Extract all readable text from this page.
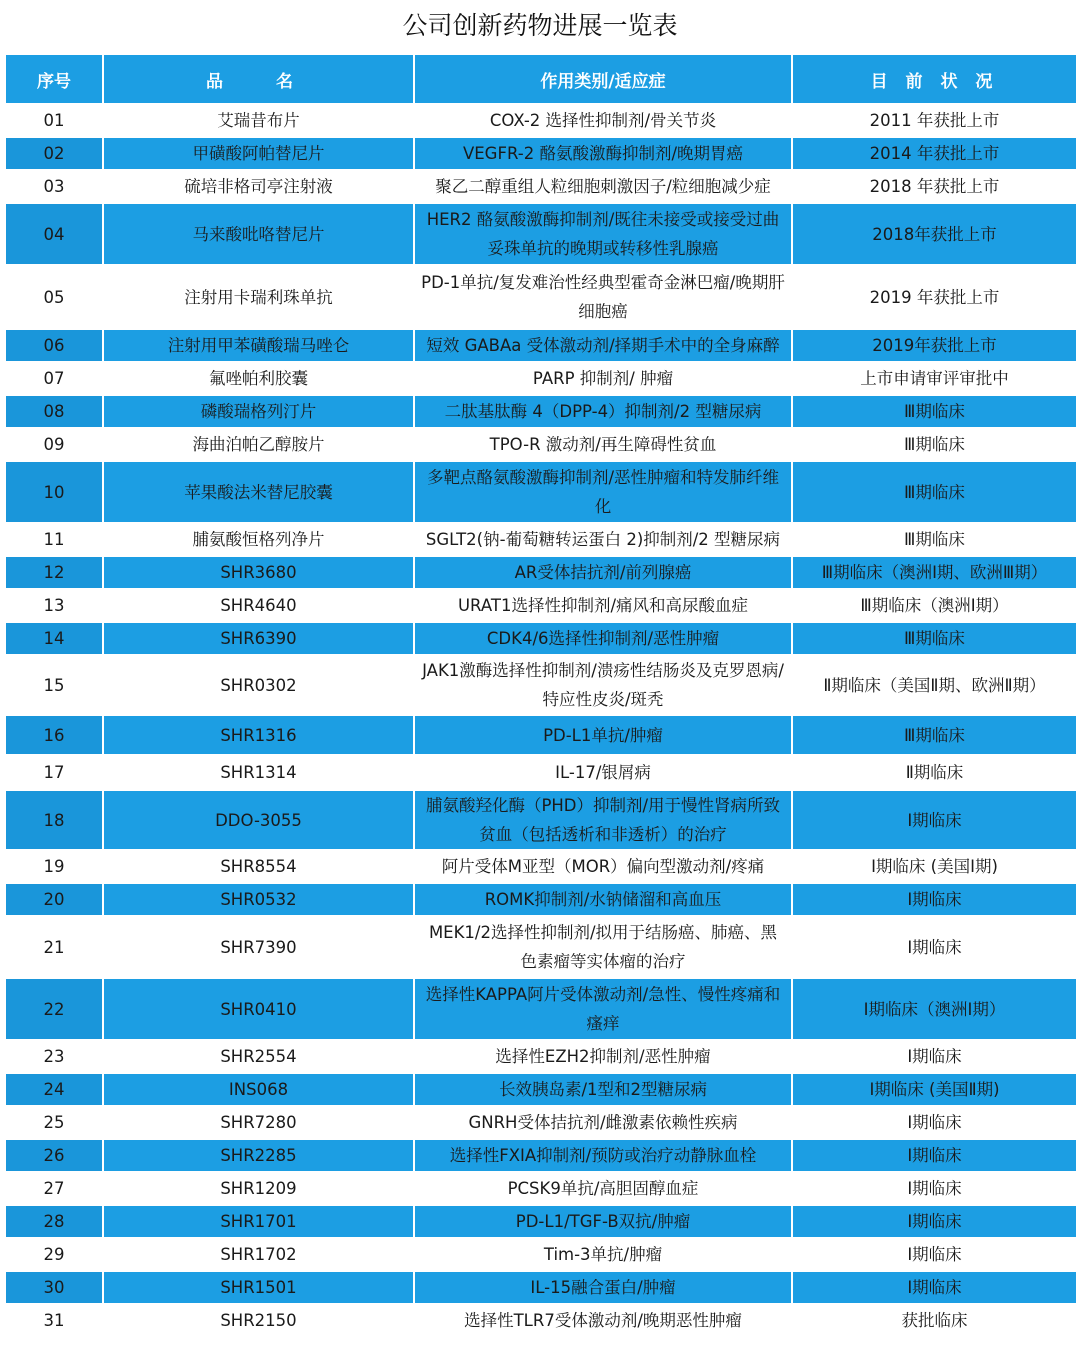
公司创新药物进展一览表
序号	品　名	作用类别/适应症	目 前 状 况
01	艾瑞昔布片	COX-2 选择性抑制剂/骨关节炎	2011 年获批上市
02	甲磺酸阿帕替尼片	VEGFR-2 酪氨酸激酶抑制剂/晚期胃癌	2014 年获批上市
03	硫培非格司亭注射液	聚乙二醇重组人粒细胞刺激因子/粒细胞减少症	2018 年获批上市
04	马来酸吡咯替尼片	HER2 酪氨酸激酶抑制剂/既往未接受或接受过曲妥珠单抗的晚期或转移性乳腺癌	2018年获批上市
05	注射用卡瑞利珠单抗	PD-1单抗/复发难治性经典型霍奇金淋巴瘤/晚期肝细胞癌	2019 年获批上市
06	注射用甲苯磺酸瑞马唑仑	短效 GABAa 受体激动剂/择期手术中的全身麻醉	2019年获批上市
07	氟唑帕利胶囊	PARP 抑制剂/ 肿瘤	上市申请审评审批中
08	磷酸瑞格列汀片	二肽基肽酶 4（DPP-4）抑制剂/2 型糖尿病	Ⅲ期临床
09	海曲泊帕乙醇胺片	TPO-R 激动剂/再生障碍性贫血	Ⅲ期临床
10	苹果酸法米替尼胶囊	多靶点酪氨酸激酶抑制剂/恶性肿瘤和特发肺纤维化	Ⅲ期临床
11	脯氨酸恒格列净片	SGLT2(钠-葡萄糖转运蛋白 2)抑制剂/2 型糖尿病	Ⅲ期临床
12	SHR3680	AR受体拮抗剂/前列腺癌	Ⅲ期临床（澳洲Ⅰ期、欧洲Ⅲ期）
13	SHR4640	URAT1选择性抑制剂/痛风和高尿酸血症	Ⅲ期临床（澳洲Ⅰ期）
14	SHR6390	CDK4/6选择性抑制剂/恶性肿瘤	Ⅲ期临床
15	SHR0302	JAK1激酶选择性抑制剂/溃疡性结肠炎及克罗恩病/特应性皮炎/斑秃	Ⅱ期临床（美国Ⅱ期、欧洲Ⅱ期）
16	SHR1316	PD-L1单抗/肿瘤	Ⅲ期临床
17	SHR1314	IL-17/银屑病	Ⅱ期临床
18	DDO-3055	脯氨酸羟化酶（PHD）抑制剂/用于慢性肾病所致贫血（包括透析和非透析）的治疗	Ⅰ期临床
19	SHR8554	阿片受体M亚型（MOR）偏向型激动剂/疼痛	Ⅰ期临床 (美国Ⅰ期)
20	SHR0532	ROMK抑制剂/水钠储溜和高血压	Ⅰ期临床
21	SHR7390	MEK1/2选择性抑制剂/拟用于结肠癌、肺癌、黑色素瘤等实体瘤的治疗	Ⅰ期临床
22	SHR0410	选择性KAPPA阿片受体激动剂/急性、慢性疼痛和瘙痒	Ⅰ期临床（澳洲Ⅰ期）
23	SHR2554	选择性EZH2抑制剂/恶性肿瘤	Ⅰ期临床
24	INS068	长效胰岛素/1型和2型糖尿病	Ⅰ期临床 (美国Ⅱ期)
25	SHR7280	GNRH受体拮抗剂/雌激素依赖性疾病	Ⅰ期临床
26	SHR2285	选择性FXIA抑制剂/预防或治疗动静脉血栓	Ⅰ期临床
27	SHR1209	PCSK9单抗/高胆固醇血症	Ⅰ期临床
28	SHR1701	PD-L1/TGF-B双抗/肿瘤	Ⅰ期临床
29	SHR1702	Tim-3单抗/肿瘤	Ⅰ期临床
30	SHR1501	IL-15融合蛋白/肿瘤	Ⅰ期临床
31	SHR2150	选择性TLR7受体激动剂/晚期恶性肿瘤	获批临床
